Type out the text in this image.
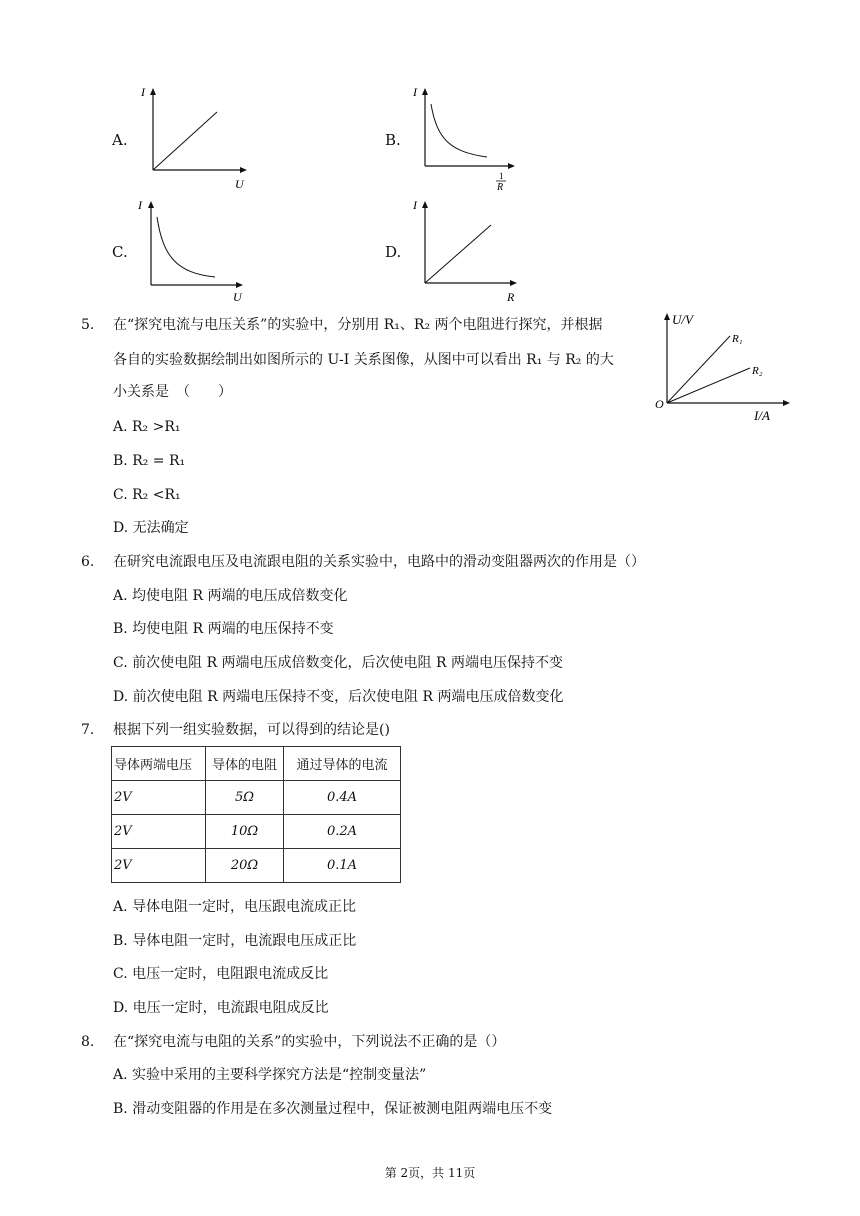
A.
I
U
B.
I
1
R
C.
I
U
D.
I
R
5. 在“探究电流与电压关系”的实验中，分别用 R₁、R₂ 两个电阻进行探究，并根据
各自的实验数据绘制出如图所示的 U-I 关系图像，从图中可以看出 R₁ 与 R₂ 的大
小关系是　（　　）
A. R₂ >R₁
B. R₂ = R₁
C. R₂ <R₁
D. 无法确定
U/V
I/A
O
R₁
R₂
6. 在研究电流跟电压及电流跟电阻的关系实验中，电路中的滑动变阻器两次的作用是（）
A. 均使电阻 R 两端的电压成倍数变化
B. 均使电阻 R 两端的电压保持不变
C. 前次使电阻 R 两端电压成倍数变化，后次使电阻 R 两端电压保持不变
D. 前次使电阻 R 两端电压保持不变，后次使电阻 R 两端电压成倍数变化
7. 根据下列一组实验数据，可以得到的结论是()
导体两端电压	导体的电阻	通过导体的电流
2V	5Ω	0.4A
2V	10Ω	0.2A
2V	20Ω	0.1A
A. 导体电阻一定时，电压跟电流成正比
B. 导体电阻一定时，电流跟电压成正比
C. 电压一定时，电阻跟电流成反比
D. 电压一定时，电流跟电阻成反比
8. 在“探究电流与电阻的关系”的实验中，下列说法不正确的是（）
A. 实验中采用的主要科学探究方法是“控制变量法”
B. 滑动变阻器的作用是在多次测量过程中，保证被测电阻两端电压不变
第 2页，共 11页
